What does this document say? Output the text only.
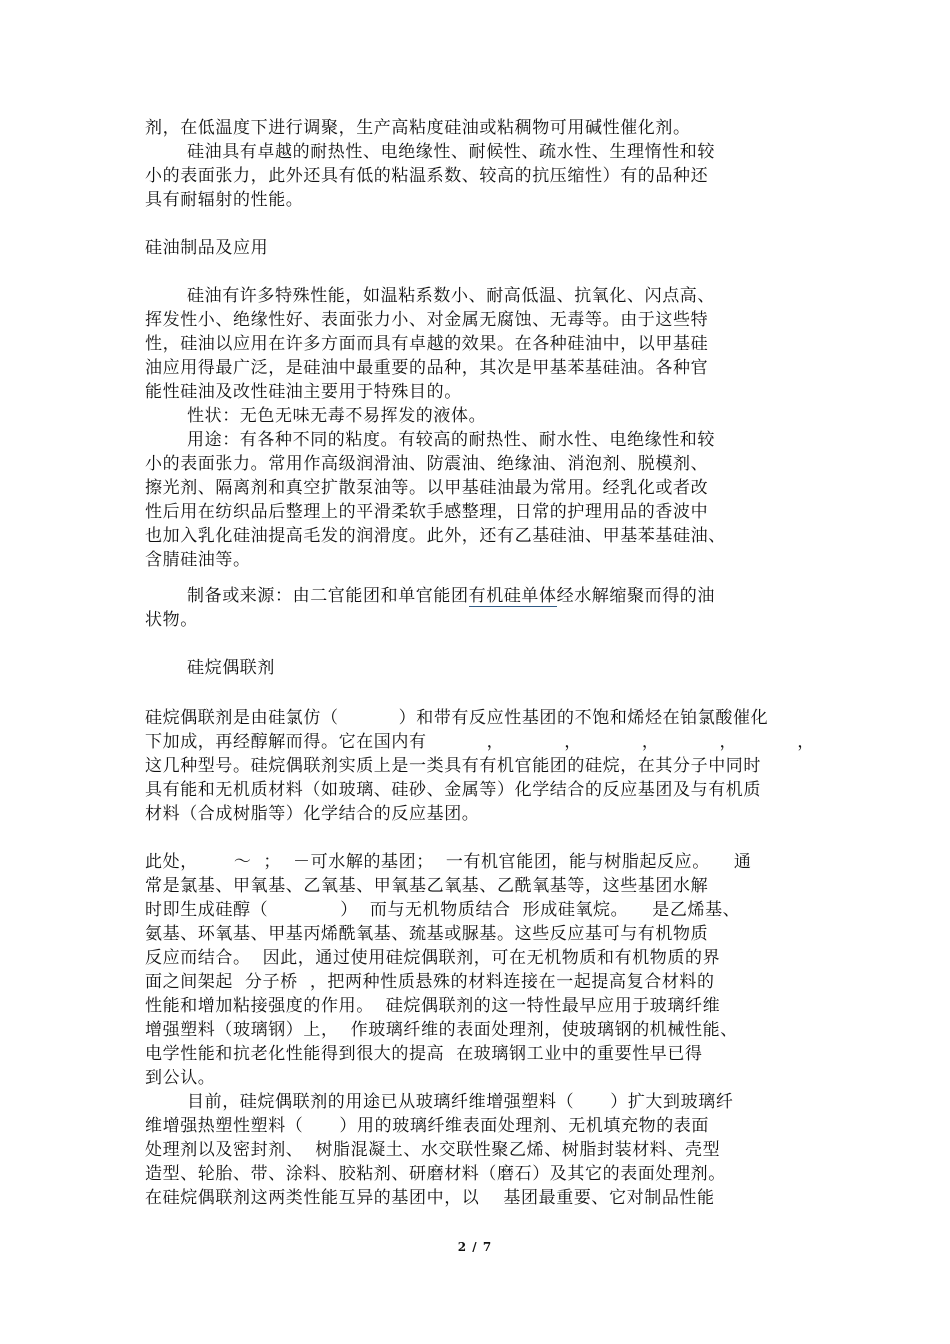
剂，在低温度下进行调聚，生产高粘度硅油或粘稠物可用碱性催化剂。
硅油具有卓越的耐热性、电绝缘性、耐候性、疏水性、生理惰性和较
小的表面张力，此外还具有低的粘温系数、较高的抗压缩性）有的品种还
具有耐辐射的性能。
硅油制品及应用
硅油有许多特殊性能，如温粘系数小、耐高低温、抗氧化、闪点高、
挥发性小、绝缘性好、表面张力小、对金属无腐蚀、无毒等。由于这些特
性，硅油以应用在许多方面而具有卓越的效果。在各种硅油中，以甲基硅
油应用得最广泛，是硅油中最重要的品种，其次是甲基苯基硅油。各种官
能性硅油及改性硅油主要用于特殊目的。
性状：无色无味无毒不易挥发的液体。
用途：有各种不同的粘度。有较高的耐热性、耐水性、电绝缘性和较
小的表面张力。常用作高级润滑油、防震油、绝缘油、消泡剂、脱模剂、
擦光剂、隔离剂和真空扩散泵油等。以甲基硅油最为常用。经乳化或者改
性后用在纺织品后整理上的平滑柔软手感整理，日常的护理用品的香波中
也加入乳化硅油提高毛发的润滑度。此外，还有乙基硅油、甲基苯基硅油、
含腈硅油等。
制备或来源：由二官能团和单官能团有机硅单体经水解缩聚而得的油
状物。
硅烷偶联剂
硅烷偶联剂是由硅氯仿（          ）和带有反应性基团的不饱和烯烃在铂氯酸催化
下加成，再经醇解而得。它在国内有          ，          ，          ，          ，          ，
这几种型号。硅烷偶联剂实质上是一类具有有机官能团的硅烷，在其分子中同时
具有能和无机质材料（如玻璃、硅砂、金属等）化学结合的反应基团及与有机质
材料（合成树脂等）化学结合的反应基团。
此处，      ～  ；  －可水解的基团；  一有机官能团，能与树脂起反应。    通
常是氯基、甲氧基、乙氧基、甲氧基乙氧基、乙酰氧基等，这些基团水解
时即生成硅醇（            ）  而与无机物质结合  形成硅氧烷。    是乙烯基、
氨基、环氧基、甲基丙烯酰氧基、巯基或脲基。这些反应基可与有机物质
反应而结合。  因此，通过使用硅烷偶联剂，可在无机物质和有机物质的界
面之间架起  分子桥  ，把两种性质悬殊的材料连接在一起提高复合材料的
性能和增加粘接强度的作用。  硅烷偶联剂的这一特性最早应用于玻璃纤维
增强塑料（玻璃钢）上，  作玻璃纤维的表面处理剂，使玻璃钢的机械性能、
电学性能和抗老化性能得到很大的提高  在玻璃钢工业中的重要性早已得
到公认。
目前，硅烷偶联剂的用途已从玻璃纤维增强塑料（      ）扩大到玻璃纤
维增强热塑性塑料（      ）用的玻璃纤维表面处理剂、无机填充物的表面
处理剂以及密封剂、  树脂混凝土、水交联性聚乙烯、树脂封装材料、壳型
造型、轮胎、带、涂料、胶粘剂、研磨材料（磨石）及其它的表面处理剂。
在硅烷偶联剂这两类性能互异的基团中，以    基团最重要、它对制品性能
2 / 7
